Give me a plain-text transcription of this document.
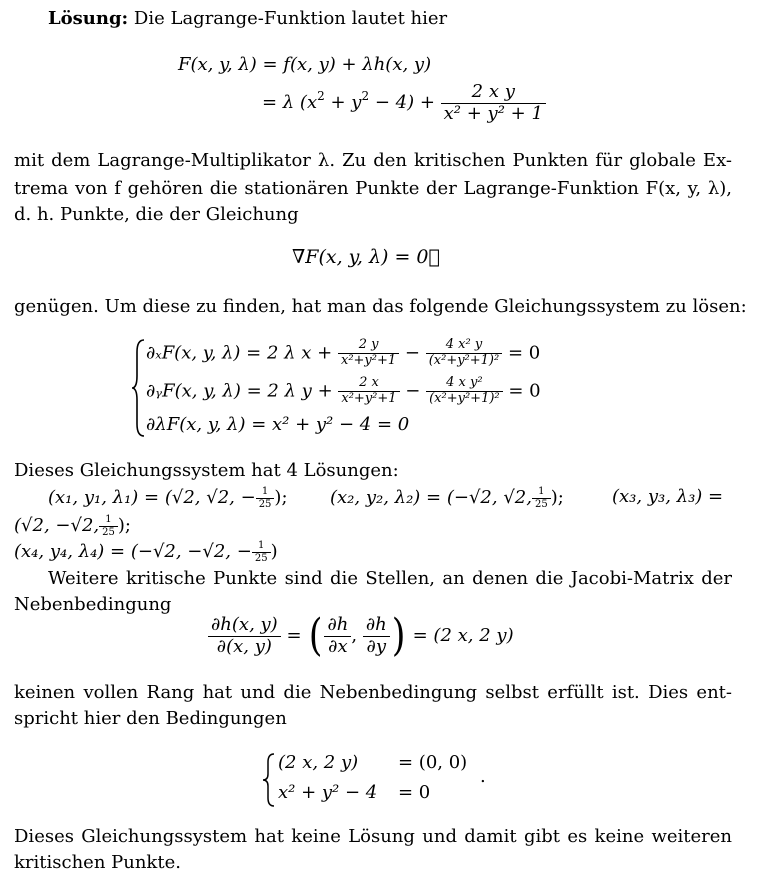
Lösung: Die Lagrange-Funktion lautet hier
F(x, y, λ) = f(x, y) + λh(x, y)
= λ $(x^2 + y^2 - 4) + \frac{\text{2 x y}}{\text{x² + y² + 1}}$
mit dem Lagrange-Multiplikator λ. Zu den kritischen Punkten für globale Ex-
trema von f gehören die stationären Punkte der Lagrange-Funktion F(x, y, λ),
d. h. Punkte, die der Gleichung
∇F(x, y, λ) = 0⃗
genügen. Um diese zu finden, hat man das folgende Gleichungssystem zu lösen:
∂ₓF(x, y, λ) = 2 λ $x + \frac{2 y}{\text{x²+y²+1}} - \frac{\text{4 x² y}}{\text{(x²+y²+1)²}} = 0$
∂ᵧF(x, y, λ) = 2 λ $y + \frac{2 x}{\text{x²+y²+1}} - \frac{\text{4 x y²}}{\text{(x²+y²+1)²}} = 0$
∂λF(x, y, λ) = x² + y² − 4 = 0
Dieses Gleichungssystem hat 4 Lösungen:
(x₁, y₁, λ₁) = (√2, √2, − $\frac{1}{25}$ ); (x₂, y₂, λ₂) = (−√2, √2, $\frac{1}{25}$ );	(x₃, y₃, λ₃) =
(√2, −√2, $\frac{1}{25}$ );
(x₄, y₄, λ₄) = (−√2, −√2, − $\frac{1}{25}$ )
Weitere kritische Punkte sind die Stellen, an denen die Jacobi-Matrix der
Nebenbedingung
$\frac{\partial h(x, y)}{\partial(x, y)}$ = ( $\frac{\partial h}{\partial x}$ , $\frac{\partial h}{\partial y}$ ) = (2 x, 2 y)
keinen vollen Rang hat und die Nebenbedingung selbst erfüllt ist. Dies ent-
spricht hier den Bedingungen
(2 x, 2 y) = (0, 0)
x² + y² − 4 = 0
.
Dieses Gleichungssystem hat keine Lösung und damit gibt es keine weiteren
kritischen Punkte.
